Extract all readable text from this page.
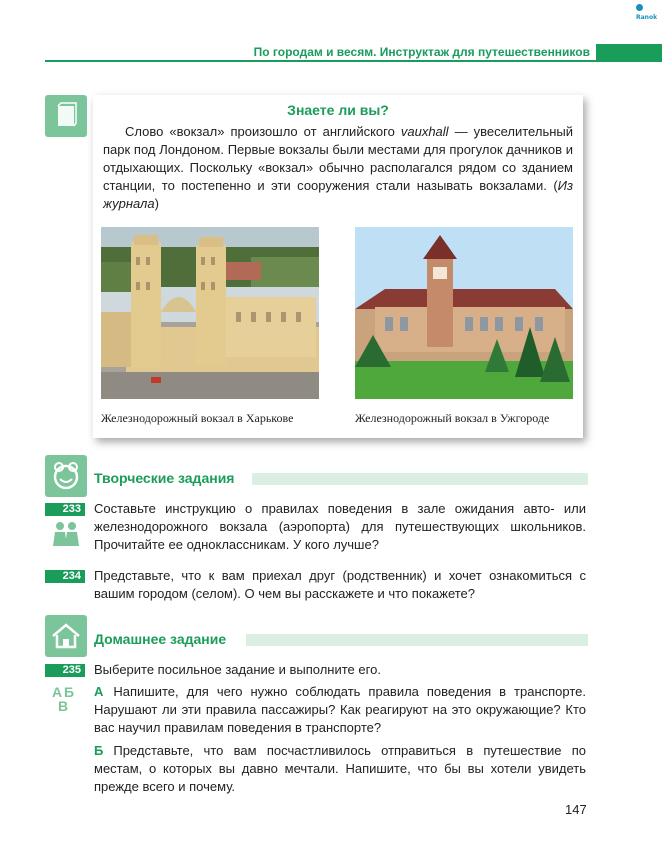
Ranok
По городам и весям. Инструктаж для путешественников
Знаете ли вы?
Слово «вокзал» произошло от английского vauxhall — увеселительный парк под Лондоном. Первые вокзалы были местами для прогулок дачников и отдыхающих. Поскольку «вокзал» обычно располагался рядом со зданием станции, то постепенно и эти сооружения стали называть вокзалами. (Из журнала)
Железнодорожный вокзал в Харькове	Железнодорожный вокзал в Ужгороде
Творческие задания
233	Составьте инструкцию о правилах поведения в зале ожидания авто- или железнодорожного вокзала (аэропорта) для путешествующих школьников. Прочитайте ее одноклассникам. У кого лучше?
234	Представьте, что к вам приехал друг (родственник) и хочет ознакомиться с вашим городом (селом). О чем вы расскажете и что покажете?
Домашнее задание
235
А Б
В
Выберите посильное задание и выполните его.
А Напишите, для чего нужно соблюдать правила поведения в транспорте. Нарушают ли эти правила пассажиры? Как реагируют на это окружающие? Кто вас научил правилам поведения в транспорте?
Б Представьте, что вам посчастливилось отправиться в путешествие по местам, о которых вы давно мечтали. Напишите, что бы вы хотели увидеть прежде всего и почему.
147
